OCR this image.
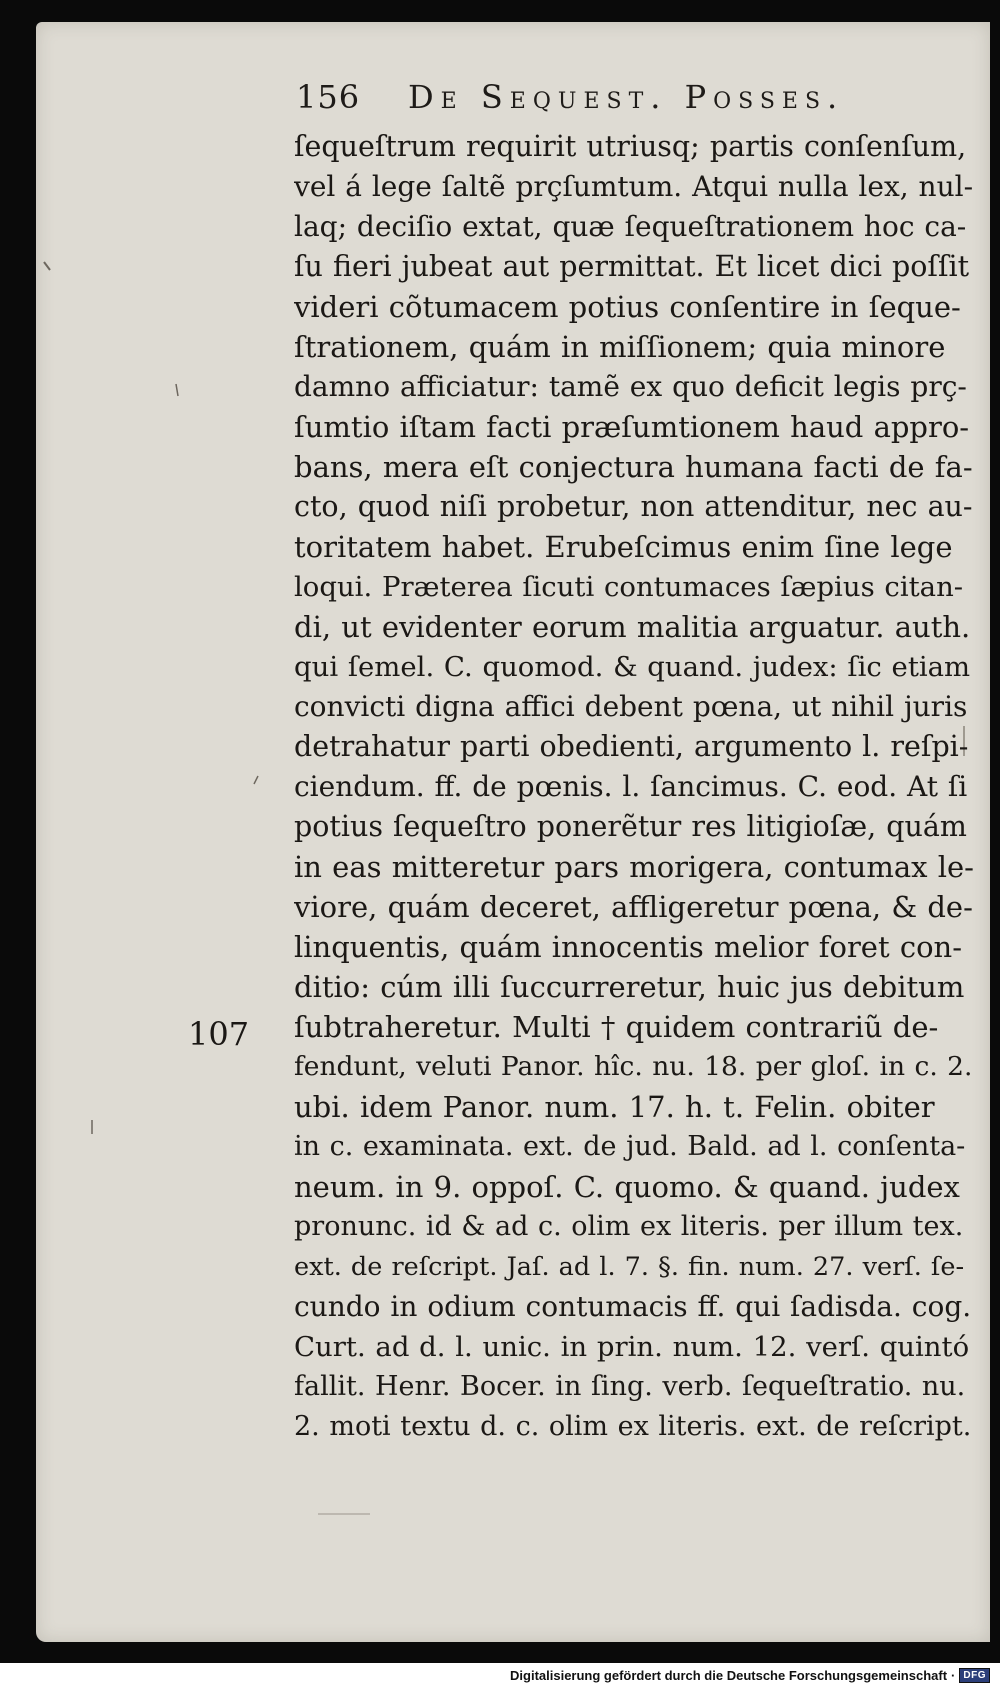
156 De Sequest. Posses.
ſequeſtrum requirit utriusq; partis conſenſum,
vel á lege ſaltẽ prçſumtum. Atqui nulla lex, nul-
laq; deciſio extat, quæ ſequeſtrationem hoc ca-
ſu fieri jubeat aut permittat. Et licet dici poſſit
videri cõtumacem potius conſentire in ſeque-
ſtrationem, quám in miſſionem; quia minore
damno afficiatur: tamẽ ex quo deficit legis prç-
ſumtio iſtam facti præſumtionem haud appro-
bans, mera eſt conjectura humana facti de fa-
cto, quod niſi probetur, non attenditur, nec au-
toritatem habet. Erubeſcimus enim ſine lege
loqui. Præterea ſicuti contumaces ſæpius citan-
di, ut evidenter eorum malitia arguatur. auth.
qui ſemel. C. quomod. & quand. judex: ſic etiam
convicti digna affici debent pœna, ut nihil juris
detrahatur parti obedienti, argumento l. reſpi-
ciendum. ff. de pœnis. l. ſancimus. C. eod. At ſi
potius ſequeſtro ponerẽtur res litigioſæ, quám
in eas mitteretur pars morigera, contumax le-
viore, quám deceret, affligeretur pœna, & de-
linquentis, quám innocentis melior foret con-
ditio: cúm illi ſuccurreretur, huic jus debitum
ſubtraheretur. Multi † quidem contrariũ de-
fendunt, veluti Panor. hîc. nu. 18. per gloſ. in c. 2.
ubi. idem Panor. num. 17. h. t. Felin. obiter
in c. examinata. ext. de jud. Bald. ad l. conſenta-
neum. in 9. oppoſ. C. quomo. & quand. judex
pronunc. id & ad c. olim ex literis. per illum tex.
ext. de reſcript. Jaſ. ad l. 7. §. fin. num. 27. verſ. ſe-
cundo in odium contumacis ff. qui ſadisda. cog.
Curt. ad d. l. unic. in prin. num. 12. verſ. quintó
fallit. Henr. Bocer. in ſing. verb. ſequeſtratio. nu.
2. moti textu d. c. olim ex literis. ext. de reſcript.
107
Digitalisierung gefördert durch die Deutsche Forschungsgemeinschaft · DFG
